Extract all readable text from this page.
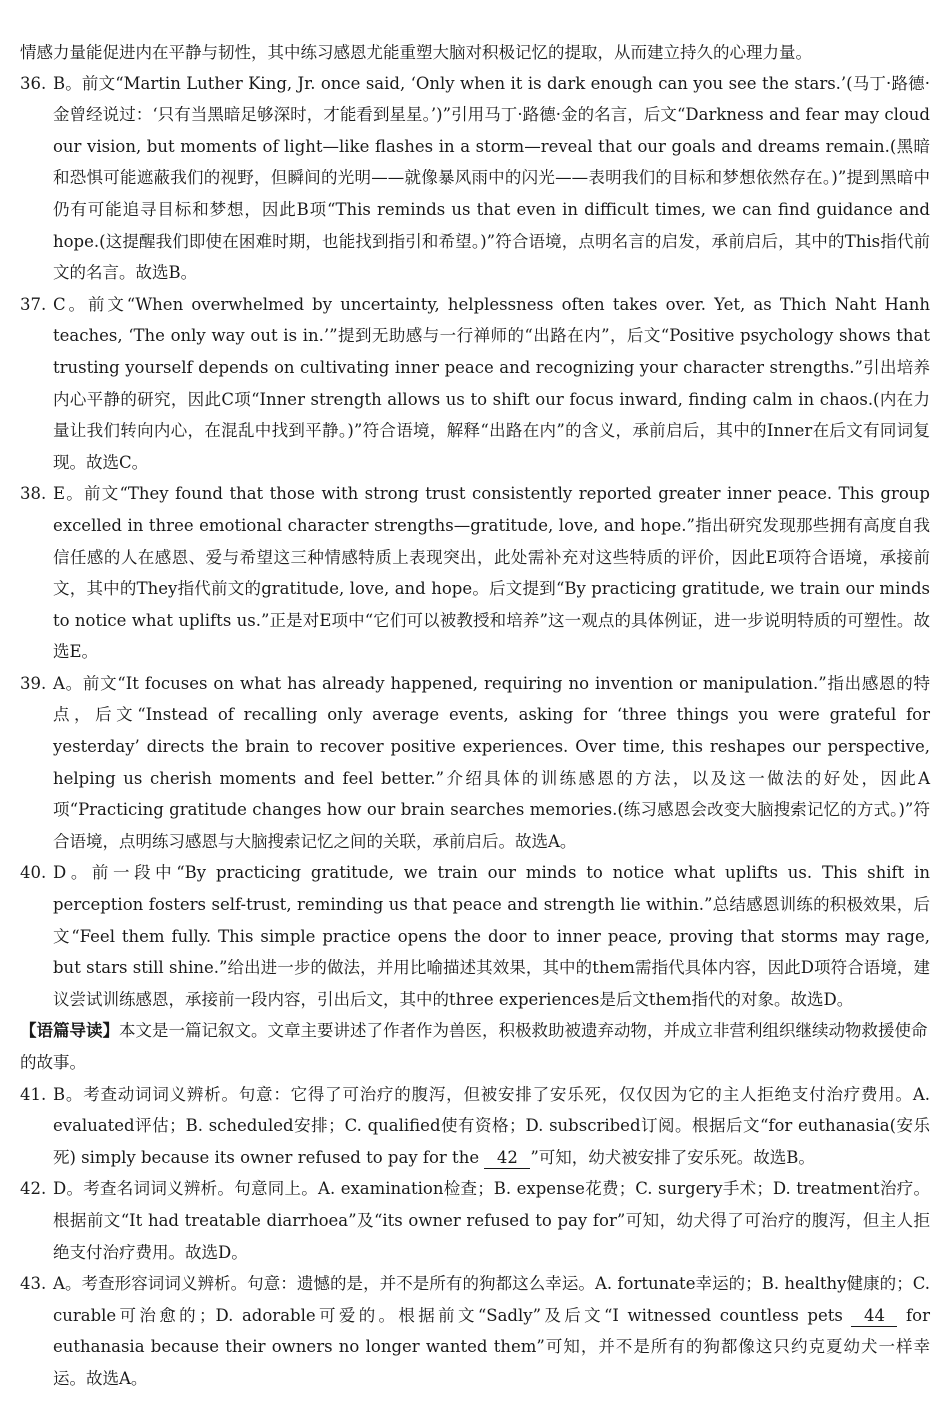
情感力量能促进内在平静与韧性，其中练习感恩尤能重塑大脑对积极记忆的提取，从而建立持久的心理力量。

36. B。前文“Martin Luther King, Jr. once said, ‘Only when it is dark enough can you see the stars.’(马丁·路德·金曾经说过：‘只有当黑暗足够深时，才能看到星星。’)”引用马丁·路德·金的名言，后文“Darkness and fear may cloud our vision, but moments of light—like flashes in a storm—reveal that our goals and dreams remain.(黑暗和恐惧可能遮蔽我们的视野，但瞬间的光明——就像暴风雨中的闪光——表明我们的目标和梦想依然存在。)”提到黑暗中仍有可能追寻目标和梦想，因此B项“This reminds us that even in difficult times, we can find guidance and hope.(这提醒我们即使在困难时期，也能找到指引和希望。)”符合语境，点明名言的启发，承前启后，其中的This指代前文的名言。故选B。

37. C。前文“When overwhelmed by uncertainty, helplessness often takes over. Yet, as Thich Naht Hanh teaches, ‘The only way out is in.’”提到无助感与一行禅师的“出路在内”，后文“Positive psychology shows that trusting yourself depends on cultivating inner peace and recognizing your character strengths.”引出培养内心平静的研究，因此C项“Inner strength allows us to shift our focus inward, finding calm in chaos.(内在力量让我们转向内心，在混乱中找到平静。)”符合语境，解释“出路在内”的含义，承前启后，其中的Inner在后文有同词复现。故选C。

38. E。前文“They found that those with strong trust consistently reported greater inner peace. This group excelled in three emotional character strengths—gratitude, love, and hope.”指出研究发现那些拥有高度自我信任感的人在感恩、爱与希望这三种情感特质上表现突出，此处需补充对这些特质的评价，因此E项符合语境，承接前文，其中的They指代前文的gratitude, love, and hope。后文提到“By practicing gratitude, we train our minds to notice what uplifts us.”正是对E项中“它们可以被教授和培养”这一观点的具体例证，进一步说明特质的可塑性。故选E。

39. A。前文“It focuses on what has already happened, requiring no invention or manipulation.”指出感恩的特点，后文“Instead of recalling only average events, asking for ‘three things you were grateful for yesterday’ directs the brain to recover positive experiences. Over time, this reshapes our perspective, helping us cherish moments and feel better.”介绍具体的训练感恩的方法，以及这一做法的好处，因此A项“Practicing gratitude changes how our brain searches memories.(练习感恩会改变大脑搜索记忆的方式。)”符合语境，点明练习感恩与大脑搜索记忆之间的关联，承前启后。故选A。

40. D。前一段中“By practicing gratitude, we train our minds to notice what uplifts us. This shift in perception fosters self-trust, reminding us that peace and strength lie within.”总结感恩训练的积极效果，后文“Feel them fully. This simple practice opens the door to inner peace, proving that storms may rage, but stars still shine.”给出进一步的做法，并用比喻描述其效果，其中的them需指代具体内容，因此D项符合语境，建议尝试训练感恩，承接前一段内容，引出后文，其中的three experiences是后文them指代的对象。故选D。

【语篇导读】本文是一篇记叙文。文章主要讲述了作者作为兽医，积极救助被遗弃动物，并成立非营利组织继续动物救援使命的故事。

41. B。考查动词词义辨析。句意：它得了可治疗的腹泻，但被安排了安乐死，仅仅因为它的主人拒绝支付治疗费用。A. evaluated评估；B. scheduled安排；C. qualified使有资格；D. subscribed订阅。根据后文“for euthanasia(安乐死) simply because its owner refused to pay for the 42 ”可知，幼犬被安排了安乐死。故选B。

42. D。考查名词词义辨析。句意同上。A. examination检查；B. expense花费；C. surgery手术；D. treatment治疗。根据前文“It had treatable diarrhoea”及“its owner refused to pay for”可知，幼犬得了可治疗的腹泻，但主人拒绝支付治疗费用。故选D。

43. A。考查形容词词义辨析。句意：遗憾的是，并不是所有的狗都这么幸运。A. fortunate幸运的；B. healthy健康的；C. curable可治愈的；D. adorable可爱的。根据前文“Sadly”及后文“I witnessed countless pets 44 for euthanasia because their owners no longer wanted them”可知，并不是所有的狗都像这只约克夏幼犬一样幸运。故选A。
